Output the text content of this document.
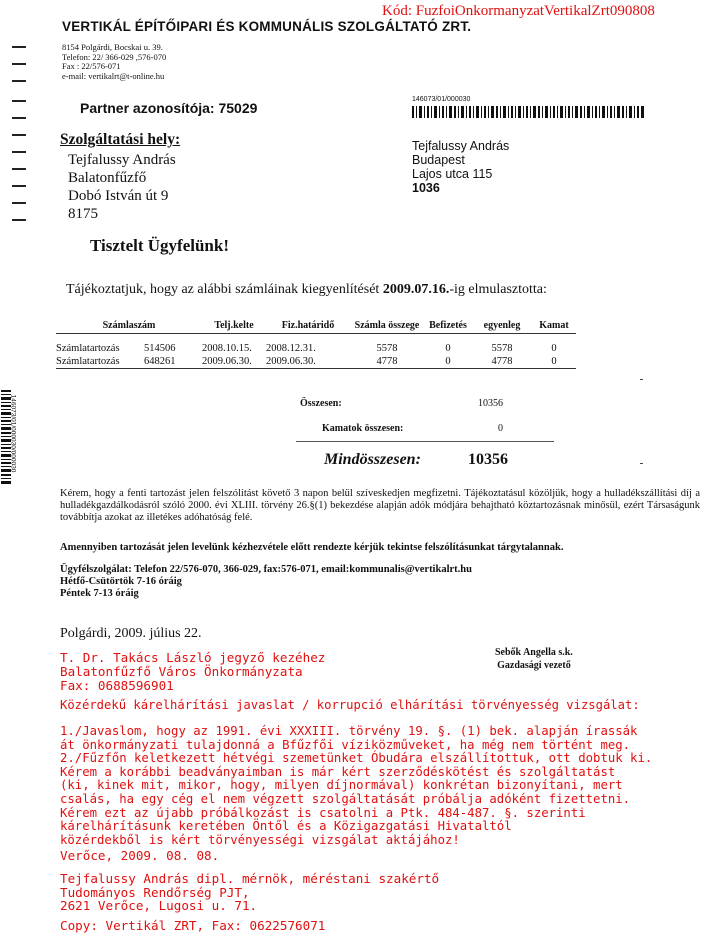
Kód: FuzfoiOnkormanyzatVertikalZrt090808
VERTIKÁL ÉPÍTŐIPARI ÉS KOMMUNÁLIS SZOLGÁLTATÓ ZRT.
8154 Polgárdi, Bocskai u. 39.
Telefon: 22/ 366-029 ,576-070
Fax : 22/576-071
e-mail: vertikalrt@t-online.hu
Partner azonosítója: 75029
146073/01/000030
Szolgáltatási hely:
Tejfalussy András
Balatonfűzfő
Dobó István út 9
8175
Tejfalussy András
Budapest
Lajos utca 115
1036
Tisztelt Ügyfelünk!
Tájékoztatjuk, hogy az alábbi számláinak kiegyenlítését 2009.07.16.-ig elmulasztotta:
Számlaszám		Telj.kelte	Fiz.határidő	Számla összege	Befizetés	egyenleg	Kamat

Számlatartozás	514506	2008.10.15.	2008.12.31.	5578	0	5578	0
Számlatartozás	648261	2009.06.30.	2009.06.30.	4778	0	4778	0
Összesen:	10356
Kamatok összesen:	0
Mindösszesen:	10356
146073/01/000030/000030
Kérem, hogy a fenti tartozást jelen felszólítást követő 3 napon belül szíveskedjen megfizetni. Tájékoztatásul közöljük, hogy a hulladékszállítási díj a hulladékgazdálkodásról szóló 2000. évi XLIII. törvény 26.§(1) bekezdése alapján adók módjára behajtható köztartozásnak minősül, ezért Társaságunk továbbítja azokat az illetékes adóhatóság felé.
Amennyiben tartozását jelen levelünk kézhezvétele előtt rendezte kérjük tekintse felszólításunkat tárgytalannak.
Ügyfélszolgálat: Telefon 22/576-070, 366-029, fax:576-071, email:kommunalis@vertikalrt.hu
Hétfő-Csütörtök 7-16 óráig
Péntek 7-13 óráig
Polgárdi, 2009. július 22.
Sebők Angella s.k.
Gazdasági vezető
T. Dr. Takács László jegyző kezéhez
Balatonfűzfő Város Önkormányzata
Fax: 0688596901
Közérdekű kárelhárítási javaslat / korrupció elhárítási törvényesség vizsgálat:
1./Javaslom, hogy az 1991. évi XXXIII. törvény 19. §. (1) bek. alapján írassák
át önkormányzati tulajdonná a Bfűzfői víziközműveket, ha még nem történt meg.
2./Fűzfőn keletkezett hétvégi szemetünket Óbudára elszállítottuk, ott dobtuk ki.
Kérem a korábbi beadványaimban is már kért szerződéskötést és szolgáltatást
(ki, kinek mit, mikor, hogy, milyen díjnormával) konkrétan bizonyítani, mert
csalás, ha egy cég el nem végzett szolgáltatását próbálja adóként fizettetni.
Kérem ezt az újabb próbálkozást is csatolni a Ptk. 484-487. §. szerinti
kárelhárításunk keretében Öntől és a Közigazgatási Hivataltól
közérdekből is kért törvényességi vizsgálat aktájához!
Verőce, 2009. 08. 08.
Tejfalussy András dipl. mérnök, méréstani szakértő
Tudományos Rendőrség PJT,
2621 Verőce, Lugosi u. 71.
Copy: Vertikál ZRT, Fax: 0622576071
